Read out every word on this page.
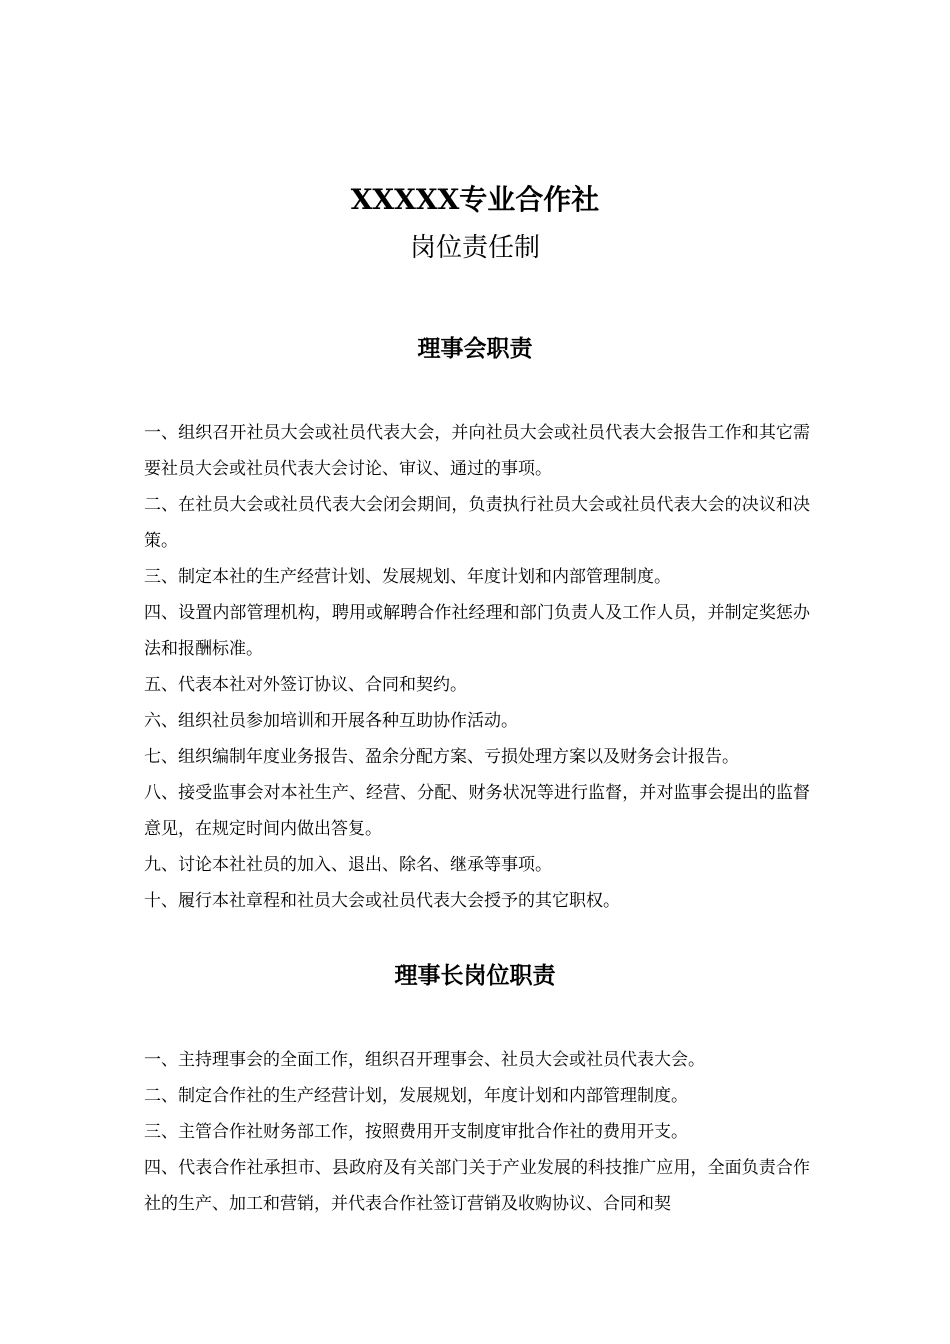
XXXXX专业合作社
岗位责任制
理事会职责
一、组织召开社员大会或社员代表大会，并向社员大会或社员代表大会报告工作和其它需要社员大会或社员代表大会讨论、审议、通过的事项。
二、在社员大会或社员代表大会闭会期间，负责执行社员大会或社员代表大会的决议和决策。
三、制定本社的生产经营计划、发展规划、年度计划和内部管理制度。
四、设置内部管理机构，聘用或解聘合作社经理和部门负责人及工作人员，并制定奖惩办法和报酬标准。
五、代表本社对外签订协议、合同和契约。
六、组织社员参加培训和开展各种互助协作活动。
七、组织编制年度业务报告、盈余分配方案、亏损处理方案以及财务会计报告。
八、接受监事会对本社生产、经营、分配、财务状况等进行监督，并对监事会提出的监督意见，在规定时间内做出答复。
九、讨论本社社员的加入、退出、除名、继承等事项。
十、履行本社章程和社员大会或社员代表大会授予的其它职权。
理事长岗位职责
一、主持理事会的全面工作，组织召开理事会、社员大会或社员代表大会。
二、制定合作社的生产经营计划，发展规划，年度计划和内部管理制度。
三、主管合作社财务部工作，按照费用开支制度审批合作社的费用开支。
四、代表合作社承担市、县政府及有关部门关于产业发展的科技推广应用，全面负责合作社的生产、加工和营销，并代表合作社签订营销及收购协议、合同和契
